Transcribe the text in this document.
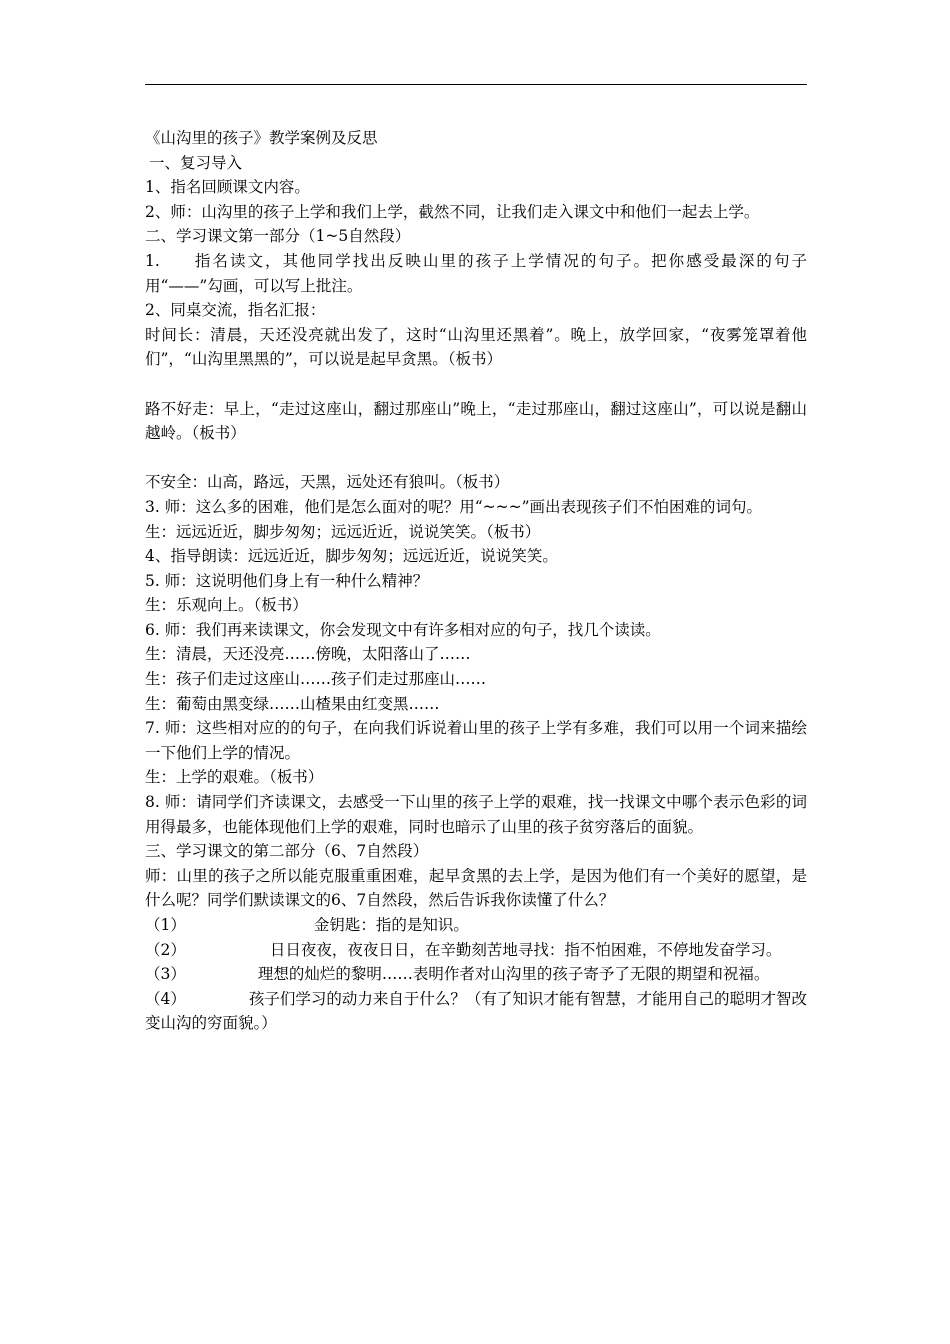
《山沟里的孩子》教学案例及反思

一、复习导入

1、指名回顾课文内容。

2、师：山沟里的孩子上学和我们上学，截然不同，让我们走入课文中和他们一起去上学。

二、学习课文第一部分（1~5自然段）

1. 指名读文，其他同学找出反映山里的孩子上学情况的句子。把你感受最深的句子用“——”勾画，可以写上批注。

2、同桌交流，指名汇报：

时间长：清晨，天还没亮就出发了，这时“山沟里还黑着”。晚上，放学回家，“夜雾笼罩着他们”，“山沟里黑黑的”，可以说是起早贪黑。（板书）

路不好走：早上，“走过这座山，翻过那座山”晚上，“走过那座山，翻过这座山”，可以说是翻山越岭。（板书）

不安全：山高，路远，天黑，远处还有狼叫。（板书）

3. 师：这么多的困难，他们是怎么面对的呢？用“~~~”画出表现孩子们不怕困难的词句。

生：远远近近，脚步匆匆；远远近近，说说笑笑。（板书）

4、指导朗读：远远近近，脚步匆匆；远远近近，说说笑笑。

5. 师：这说明他们身上有一种什么精神？

生：乐观向上。（板书）

6. 师：我们再来读课文，你会发现文中有许多相对应的句子，找几个读读。

生：清晨，天还没亮……傍晚，太阳落山了……

生：孩子们走过这座山……孩子们走过那座山……

生：葡萄由黑变绿……山楂果由红变黑……

7. 师：这些相对应的的句子，在向我们诉说着山里的孩子上学有多难，我们可以用一个词来描绘一下他们上学的情况。

生：上学的艰难。（板书）

8. 师：请同学们齐读课文，去感受一下山里的孩子上学的艰难，找一找课文中哪个表示色彩的词用得最多，也能体现他们上学的艰难，同时也暗示了山里的孩子贫穷落后的面貌。

三、学习课文的第二部分（6、7自然段）

师：山里的孩子之所以能克服重重困难，起早贪黑的去上学，是因为他们有一个美好的愿望，是什么呢？同学们默读课文的6、7自然段，然后告诉我你读懂了什么？

（1）	金钥匙：指的是知识。

（2）	日日夜夜，夜夜日日，在辛勤刻苦地寻找：指不怕困难，不停地发奋学习。

（3）	理想的灿烂的黎明……表明作者对山沟里的孩子寄予了无限的期望和祝福。

（4）	孩子们学习的动力来自于什么？（有了知识才能有智慧，才能用自己的聪明才智改变山沟的穷面貌。）
